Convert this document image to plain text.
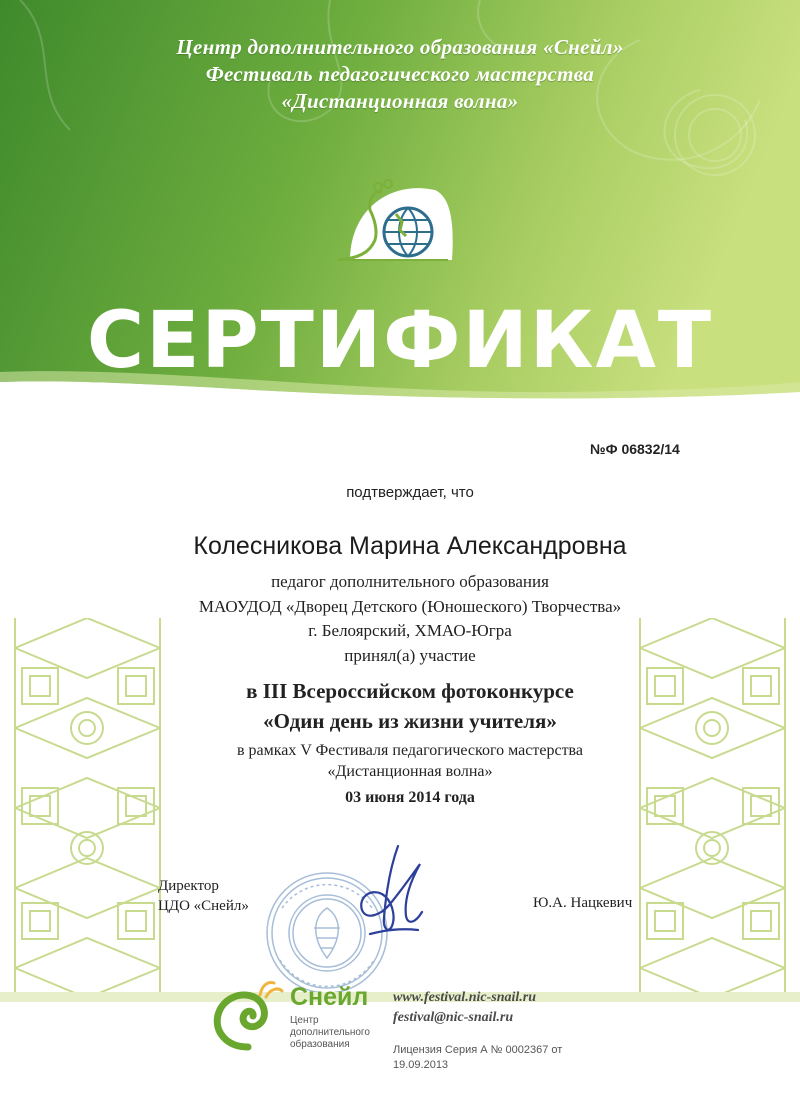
Центр дополнительного образования «Снейл»
Фестиваль педагогического мастерства
«Дистанционная волна»
СЕРТИФИКАТ
№Ф 06832/14
подтверждает, что
Колесникова Марина Александровна
педагог дополнительного образования
МАОУДОД «Дворец Детского (Юношеского) Творчества»
г. Белоярский, ХМАО-Югра
принял(а) участие
в III Всероссийском фотоконкурсе
«Один день из жизни учителя»
в рамках V Фестиваля педагогического мастерства
«Дистанционная волна»
03 июня 2014 года
Директор
ЦДО «Снейл»	Ю.А. Нацкевич
Снейл
Центр
дополнительного
образования
www.festival.nic-snail.ru
festival@nic-snail.ru
Лицензия Серия А № 0002367 от
19.09.2013
